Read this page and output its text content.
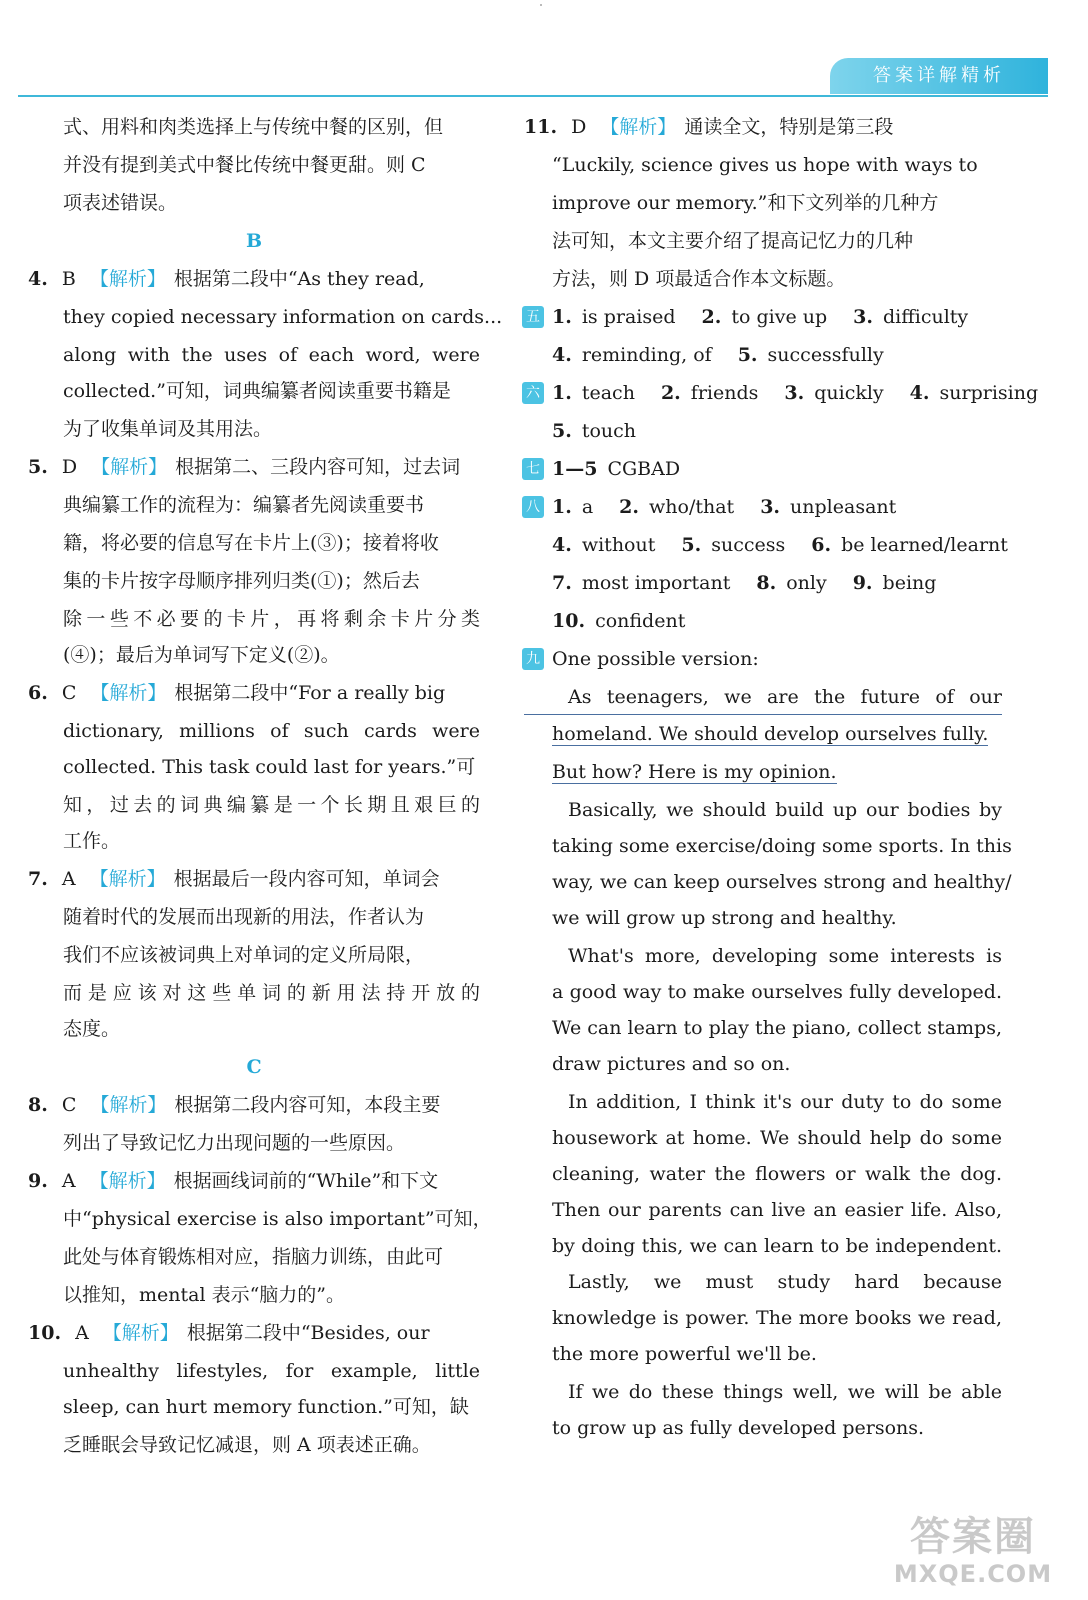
答案详解精析
式、用料和肉类选择上与传统中餐的区别，但
并没有提到美式中餐比传统中餐更甜。则 C
项表述错误。
B
4. B 【解析】 根据第二段中“As they read,
they copied necessary information on cards...
along with the uses of each word, were
collected.”可知，词典编纂者阅读重要书籍是
为了收集单词及其用法。
5. D 【解析】 根据第二、三段内容可知，过去词
典编纂工作的流程为：编纂者先阅读重要书
籍，将必要的信息写在卡片上(③)；接着将收
集的卡片按字母顺序排列归类(①)；然后去
除一些不必要的卡片，再将剩余卡片分类
(④)；最后为单词写下定义(②)。
6. C 【解析】 根据第二段中“For a really big
dictionary, millions of such cards were
collected. This task could last for years.”可
知，过去的词典编纂是一个长期且艰巨的
工作。
7. A 【解析】 根据最后一段内容可知，单词会
随着时代的发展而出现新的用法，作者认为
我们不应该被词典上对单词的定义所局限，
而是应该对这些单词的新用法持开放的
态度。
C
8. C 【解析】 根据第二段内容可知，本段主要
列出了导致记忆力出现问题的一些原因。
9. A 【解析】 根据画线词前的“While”和下文
中“physical exercise is also important”可知，
此处与体育锻炼相对应，指脑力训练，由此可
以推知，mental 表示“脑力的”。
10. A 【解析】 根据第二段中“Besides, our
unhealthy lifestyles, for example, little
sleep, can hurt memory function.”可知，缺
乏睡眠会导致记忆减退，则 A 项表述正确。
11. D 【解析】 通读全文，特别是第三段
“Luckily, science gives us hope with ways to
improve our memory.”和下文列举的几种方
法可知，本文主要介绍了提高记忆力的几种
方法，则 D 项最适合作本文标题。
五 1. is praised 2. to give up 3. difficulty
4. reminding, of 5. successfully
六 1. teach 2. friends 3. quickly 4. surprising
5. touch
七 1—5 CGBAD
八 1. a 2. who/that 3. unpleasant
4. without 5. success 6. be learned/learnt
7. most important 8. only 9. being
10. confident
九 One possible version:
As teenagers, we are the future of our
homeland. We should develop ourselves fully.
But how? Here is my opinion.
Basically, we should build up our bodies by
taking some exercise/doing some sports. In this
way, we can keep ourselves strong and healthy/
we will grow up strong and healthy.
What's more, developing some interests is
a good way to make ourselves fully developed.
We can learn to play the piano, collect stamps,
draw pictures and so on.
In addition, I think it's our duty to do some
housework at home. We should help do some
cleaning, water the flowers or walk the dog.
Then our parents can live an easier life. Also,
by doing this, we can learn to be independent.
Lastly, we must study hard because
knowledge is power. The more books we read,
the more powerful we'll be.
If we do these things well, we will be able
to grow up as fully developed persons.
答案圈
MXQE.COM
